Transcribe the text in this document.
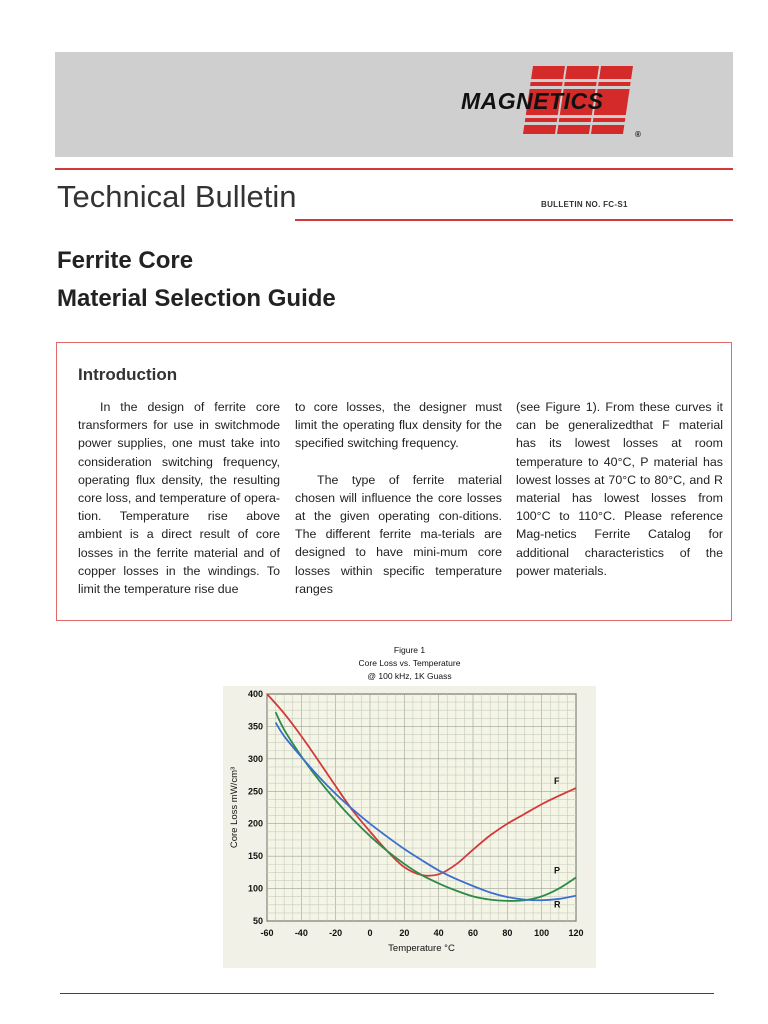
MAGNETICS
®
Technical Bulletin	BULLETIN NO. FC-S1
Ferrite Core
Material Selection Guide
Introduction

In the design of ferrite core transformers for use in switchmode power supplies, one must take into consideration switching frequency, operating flux density, the resulting core loss, and temperature of opera-tion. Temperature rise above ambient is a direct result of core losses in the ferrite material and of copper losses in the windings. To limit the temperature rise due

to core losses, the designer must limit the operating flux density for the specified switching frequency.

The type of ferrite material chosen will influence the core losses at the given operating con-ditions. The different ferrite ma-terials are designed to have mini-mum core losses within specific temperature ranges

(see Figure 1). From these curves it can be generalizedthat F material has its lowest losses at room temperature to 40°C, P material has lowest losses at 70°C to 80°C, and R material has lowest losses from 100°C to 110°C. Please reference Mag-netics Ferrite Catalog for additional characteristics of the power materials.

Figure 1
Core Loss vs. Temperature
@ 100 kHz, 1K Guass
-60 -40 -20	0	20	40	60	80 100 120
50
100
150
200
250
300
350
400
Temperature °C
Core Loss mW/cm³	F
P
R
